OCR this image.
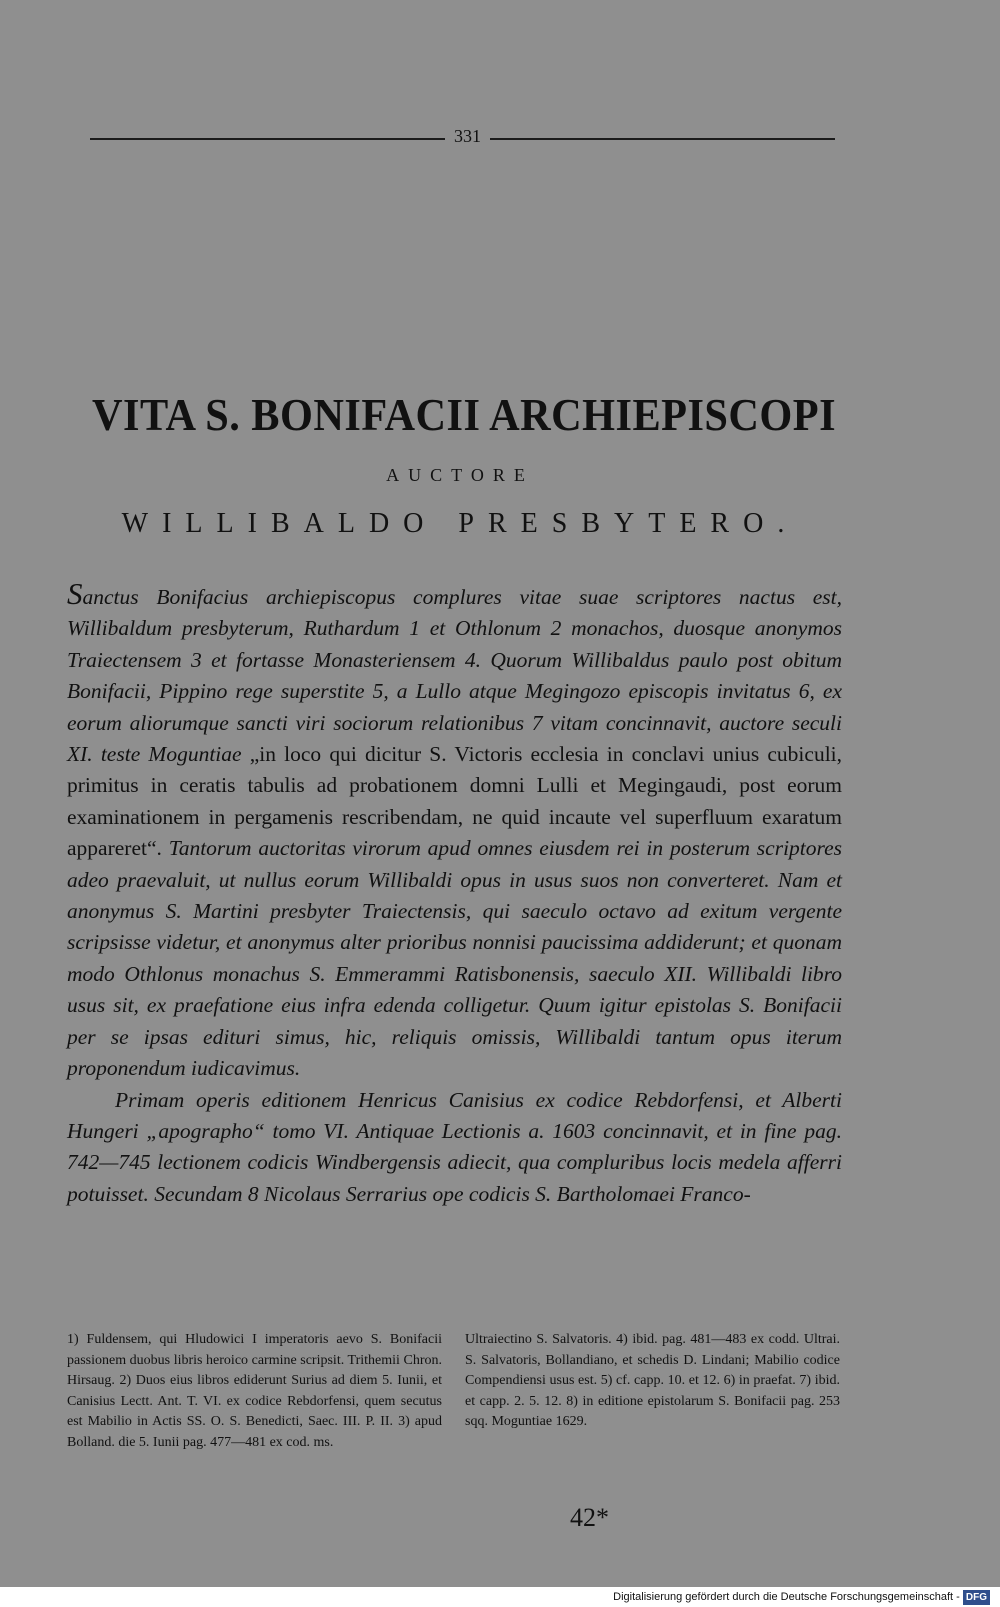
331
VITA S. BONIFACII ARCHIEPISCOPI
AUCTORE
WILLIBALDO PRESBYTERO.

Sanctus Bonifacius archiepiscopus complures vitae suae scriptores nactus est, Willibaldum presbyterum, Ruthardum 1 et Othlonum 2 monachos, duosque anonymos Traiectensem 3 et fortasse Monasteriensem 4. Quorum Willibaldus paulo post obitum Bonifacii, Pippino rege superstite 5, a Lullo atque Megingozo episcopis invitatus 6, ex eorum aliorumque sancti viri sociorum relationibus 7 vitam concinnavit, auctore seculi XI. teste Moguntiae „in loco qui dicitur S. Victoris ecclesia in conclavi unius cubiculi, primitus in ceratis tabulis ad probationem domni Lulli et Megingaudi, post eorum examinationem in pergamenis rescribendam, ne quid incaute vel superfluum exaratum appareret“. Tantorum auctoritas virorum apud omnes eiusdem rei in posterum scriptores adeo praevaluit, ut nullus eorum Willibaldi opus in usus suos non converteret. Nam et anonymus S. Martini presbyter Traiectensis, qui saeculo octavo ad exitum vergente scripsisse videtur, et anonymus alter prioribus nonnisi paucissima addiderunt; et quonam modo Othlonus monachus S. Emmerammi Ratisbonensis, saeculo XII. Willibaldi libro usus sit, ex praefatione eius infra edenda colligetur. Quum igitur epistolas S. Bonifacii per se ipsas edituri simus, hic, reliquis omissis, Willibaldi tantum opus iterum proponendum iudicavimus.

Primam operis editionem Henricus Canisius ex codice Rebdorfensi, et Alberti Hungeri „apographo“ tomo VI. Antiquae Lectionis a. 1603 concinnavit, et in fine pag. 742—745 lectionem codicis Windbergensis adiecit, qua compluribus locis medela afferri potuisset. Secundam 8 Nicolaus Serrarius ope codicis S. Bartholomaei Franco-

1) Fuldensem, qui Hludowici I imperatoris aevo S. Bonifacii passionem duobus libris heroico carmine scripsit. Trithemii Chron. Hirsaug. 2) Duos eius libros ediderunt Surius ad diem 5. Iunii, et Canisius Lectt. Ant. T. VI. ex codice Rebdorfensi, quem secutus est Mabilio in Actis SS. O. S. Benedicti, Saec. III. P. II. 3) apud Bolland. die 5. Iunii pag. 477—481 ex cod. ms.
Ultraiectino S. Salvatoris. 4) ibid. pag. 481—483 ex codd. Ultrai. S. Salvatoris, Bollandiano, et schedis D. Lindani; Mabilio codice Compendiensi usus est. 5) cf. capp. 10. et 12. 6) in praefat. 7) ibid. et capp. 2. 5. 12. 8) in editione epistolarum S. Bonifacii pag. 253 sqq. Moguntiae 1629.
42*
Digitalisierung gefördert durch die Deutsche Forschungsgemeinschaft - DFG
